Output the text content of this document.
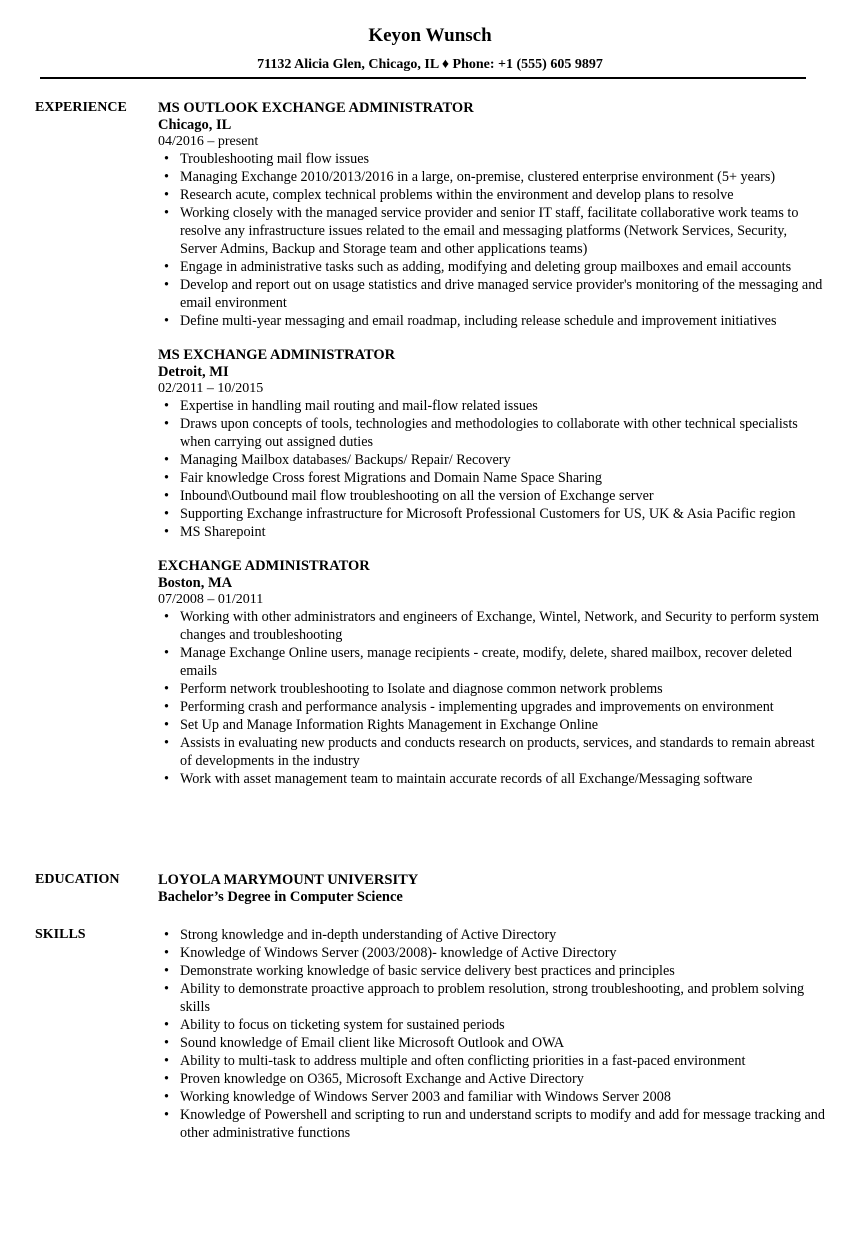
Keyon Wunsch
71132 Alicia Glen, Chicago, IL ♦ Phone: +1 (555) 605 9897
EXPERIENCE MS OUTLOOK EXCHANGE ADMINISTRATOR
Chicago, IL
04/2016 – present
• Troubleshooting mail flow issues
• Managing Exchange 2010/2013/2016 in a large, on-premise, clustered enterprise environment (5+ years)
• Research acute, complex technical problems within the environment and develop plans to resolve
• Working closely with the managed service provider and senior IT staff, facilitate collaborative work teams to resolve any infrastructure issues related to the email and messaging platforms (Network Services, Security, Server Admins, Backup and Storage team and other applications teams)
• Engage in administrative tasks such as adding, modifying and deleting group mailboxes and email accounts
• Develop and report out on usage statistics and drive managed service provider's monitoring of the messaging and email environment
• Define multi-year messaging and email roadmap, including release schedule and improvement initiatives
MS EXCHANGE ADMINISTRATOR
Detroit, MI
02/2011 – 10/2015
• Expertise in handling mail routing and mail-flow related issues
• Draws upon concepts of tools, technologies and methodologies to collaborate with other technical specialists when carrying out assigned duties
• Managing Mailbox databases/ Backups/ Repair/ Recovery
• Fair knowledge Cross forest Migrations and Domain Name Space Sharing
• Inbound\Outbound mail flow troubleshooting on all the version of Exchange server
• Supporting Exchange infrastructure for Microsoft Professional Customers for US, UK & Asia Pacific region
• MS Sharepoint
EXCHANGE ADMINISTRATOR
Boston, MA
07/2008 – 01/2011
• Working with other administrators and engineers of Exchange, Wintel, Network, and Security to perform system changes and troubleshooting
• Manage Exchange Online users, manage recipients - create, modify, delete, shared mailbox, recover deleted emails
• Perform network troubleshooting to Isolate and diagnose common network problems
• Performing crash and performance analysis - implementing upgrades and improvements on environment
• Set Up and Manage Information Rights Management in Exchange Online
• Assists in evaluating new products and conducts research on products, services, and standards to remain abreast of developments in the industry
• Work with asset management team to maintain accurate records of all Exchange/Messaging software
EDUCATION	LOYOLA MARYMOUNT UNIVERSITY
Bachelor’s Degree in Computer Science
SKILLS
•	Strong knowledge and in-depth understanding of Active Directory
• Knowledge of Windows Server (2003/2008)- knowledge of Active Directory
• Demonstrate working knowledge of basic service delivery best practices and principles
• Ability to demonstrate proactive approach to problem resolution, strong troubleshooting, and problem solving skills
• Ability to focus on ticketing system for sustained periods
• Sound knowledge of Email client like Microsoft Outlook and OWA
• Ability to multi-task to address multiple and often conflicting priorities in a fast-paced environment
• Proven knowledge on O365, Microsoft Exchange and Active Directory
• Working knowledge of Windows Server 2003 and familiar with Windows Server 2008
• Knowledge of Powershell and scripting to run and understand scripts to modify and add for message tracking and other administrative functions
